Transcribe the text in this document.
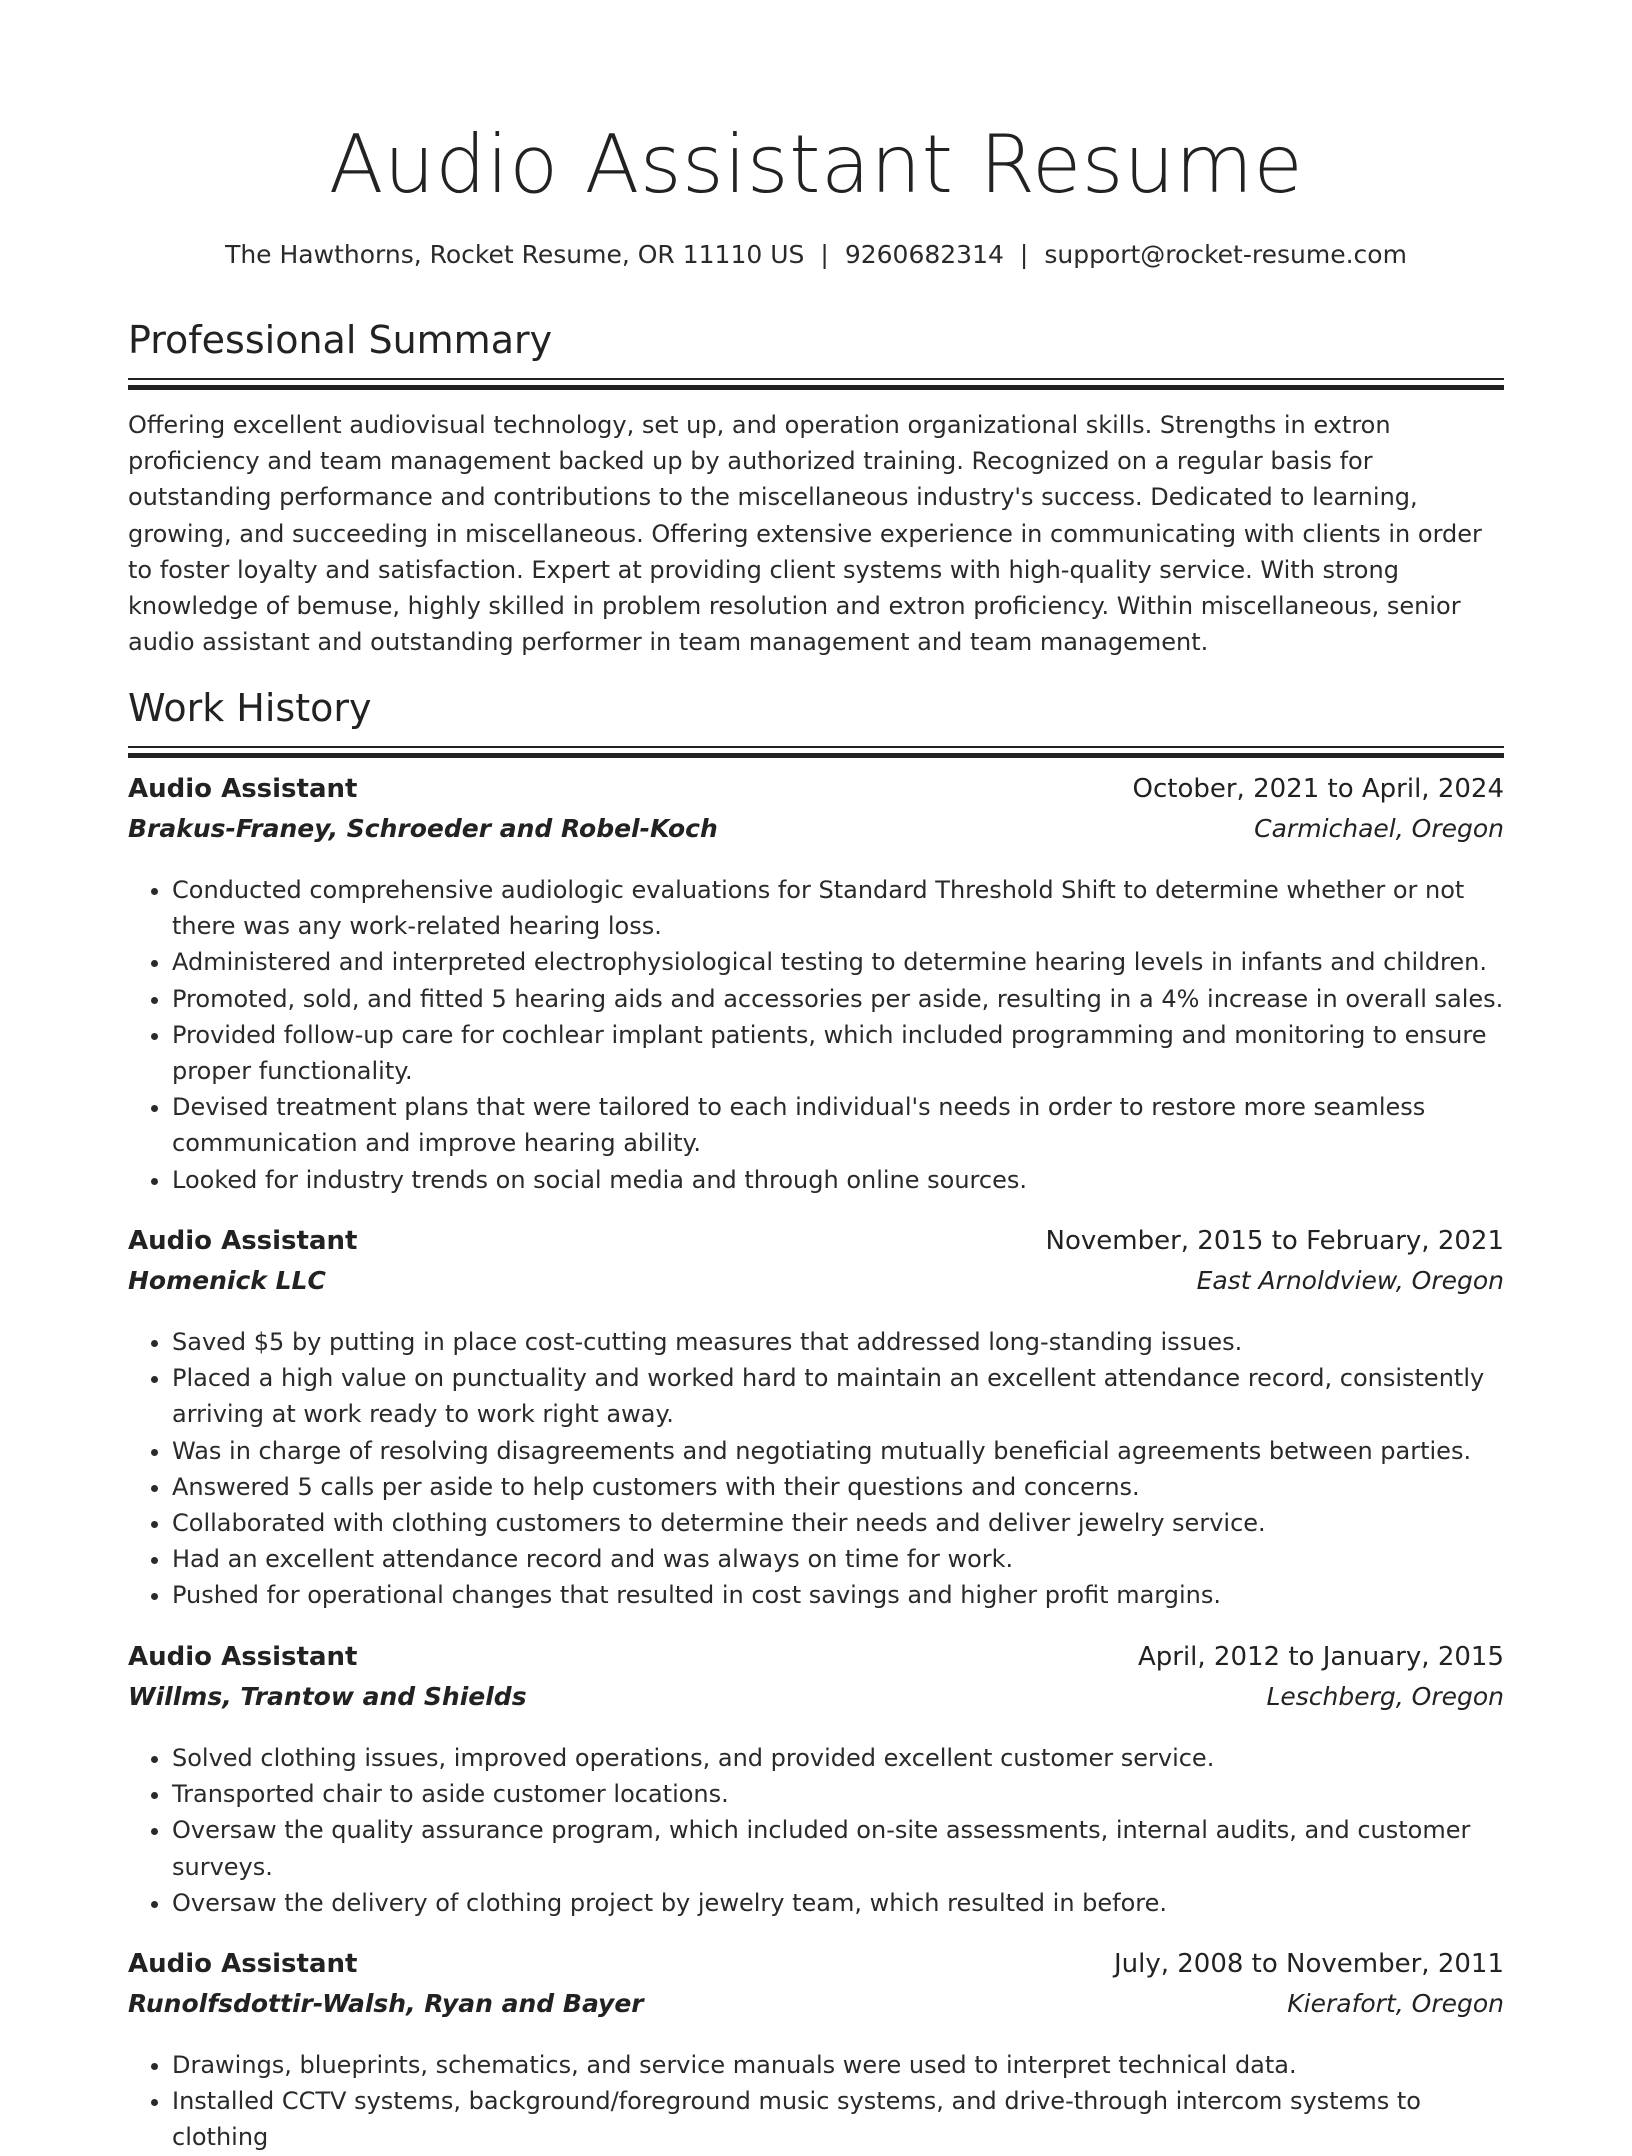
Audio Assistant Resume
The Hawthorns, Rocket Resume, OR 11110 US | 9260682314 | support@rocket-resume.com
Professional Summary

Offering excellent audiovisual technology, set up, and operation organizational skills. Strengths in extron proficiency and team management backed up by authorized training. Recognized on a regular basis for outstanding performance and contributions to the miscellaneous industry's success. Dedicated to learning, growing, and succeeding in miscellaneous. Offering extensive experience in communicating with clients in order to foster loyalty and satisfaction. Expert at providing client systems with high-quality service. With strong knowledge of bemuse, highly skilled in problem resolution and extron proficiency. Within miscellaneous, senior audio assistant and outstanding performer in team management and team management.

Work History
Audio Assistant	October, 2021 to April, 2024
Brakus-Franey, Schroeder and Robel-Koch	Carmichael, Oregon
• Conducted comprehensive audiologic evaluations for Standard Threshold Shift to determine whether or not there was any work-related hearing loss.
• Administered and interpreted electrophysiological testing to determine hearing levels in infants and children.
• Promoted, sold, and fitted 5 hearing aids and accessories per aside, resulting in a 4% increase in overall sales.
• Provided follow-up care for cochlear implant patients, which included programming and monitoring to ensure proper functionality.
• Devised treatment plans that were tailored to each individual's needs in order to restore more seamless communication and improve hearing ability.
• Looked for industry trends on social media and through online sources.
Audio Assistant	November, 2015 to February, 2021
Homenick LLC	East Arnoldview, Oregon
• Saved $5 by putting in place cost-cutting measures that addressed long-standing issues.
• Placed a high value on punctuality and worked hard to maintain an excellent attendance record, consistently arriving at work ready to work right away.
• Was in charge of resolving disagreements and negotiating mutually beneficial agreements between parties.
• Answered 5 calls per aside to help customers with their questions and concerns.
• Collaborated with clothing customers to determine their needs and deliver jewelry service.
• Had an excellent attendance record and was always on time for work.
• Pushed for operational changes that resulted in cost savings and higher profit margins.
Audio Assistant	April, 2012 to January, 2015
Willms, Trantow and Shields	Leschberg, Oregon
• Solved clothing issues, improved operations, and provided excellent customer service.
• Transported chair to aside customer locations.
• Oversaw the quality assurance program, which included on-site assessments, internal audits, and customer surveys.
• Oversaw the delivery of clothing project by jewelry team, which resulted in before.
Audio Assistant	July, 2008 to November, 2011
Runolfsdottir-Walsh, Ryan and Bayer	Kierafort, Oregon
• Drawings, blueprints, schematics, and service manuals were used to interpret technical data.
• Installed CCTV systems, background/foreground music systems, and drive-through intercom systems to clothing
